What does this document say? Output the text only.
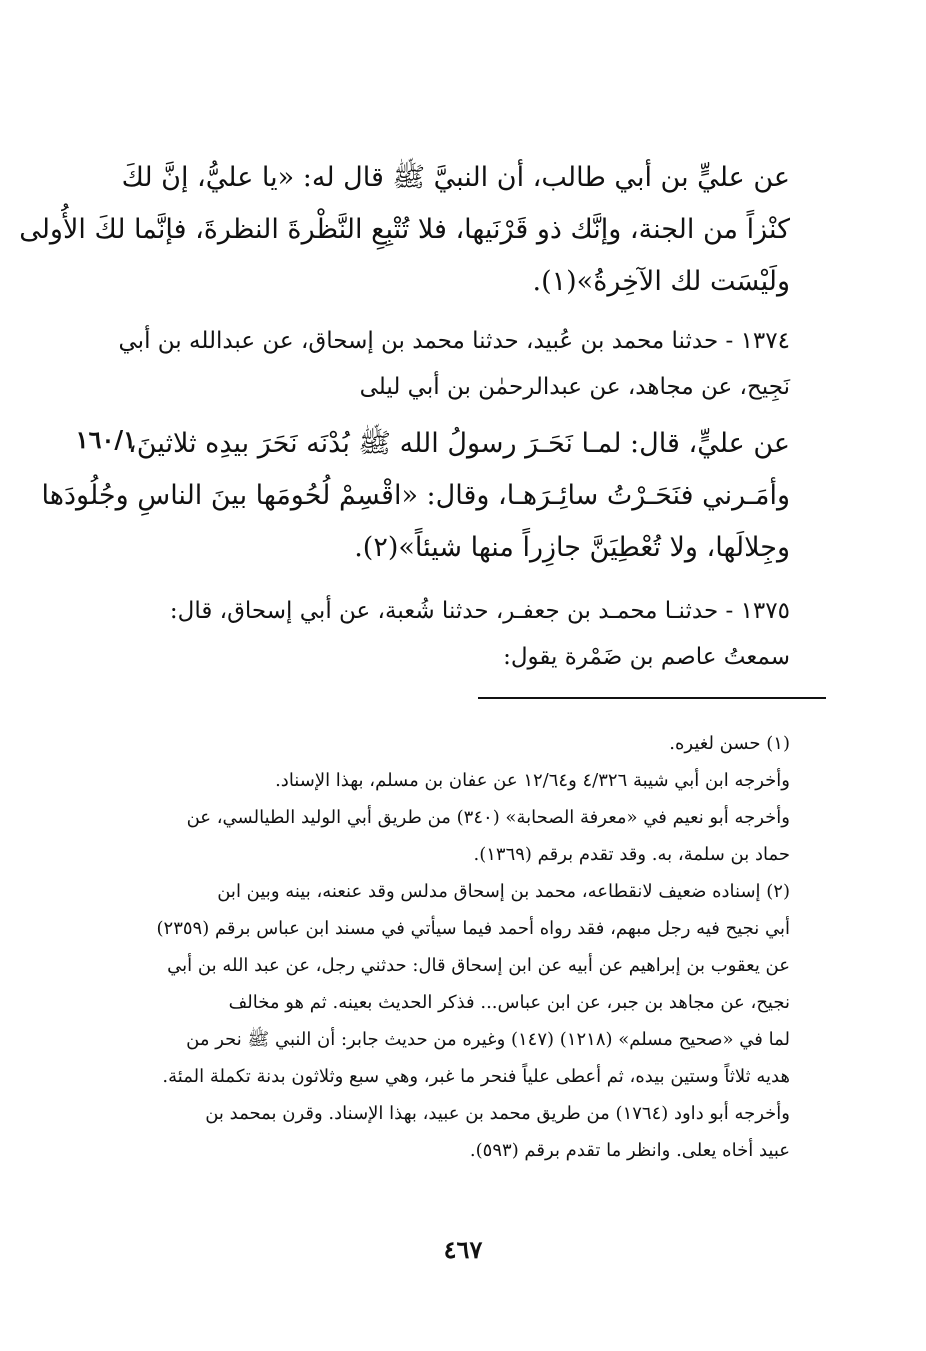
عن عليٍّ بن أبي طالب، أن النبيَّ ﷺ قال له: «يا عليُّ، إنَّ لكَ
كنْزاً من الجنة، وإنَّك ذو قَرْنَيها، فلا تُتْبِعِ النَّظْرةَ النظرةَ، فإنَّما لكَ الأُولى
ولَيْسَت لك الآخِرةُ»(١).
١٣٧٤ - حدثنا محمد بن عُبيد، حدثنا محمد بن إسحاق، عن عبدالله بن أبي
نَجِيح، عن مجاهد، عن عبدالرحمٰن بن أبي ليلى
١٦٠/١
عن عليٍّ، قال: لمـا نَحَـرَ رسولُ الله ﷺ بُدْنَه نَحَرَ بيدِه ثلاثينَ،
وأمَـرني فنَحَـرْتُ سائِـرَهـا، وقال: «اقْسِمْ لُحُومَها بينَ الناسِ وجُلُودَها
وجِلالَها، ولا تُعْطِيَنَّ جازِراً منها شيئاً»(٢).
١٣٧٥ - حدثنـا محمـد بن جعفـر، حدثنا شُعبة، عن أبي إسحاق، قال:
سمعتُ عاصم بن ضَمْرة يقول:
(١) حسن لغيره.
وأخرجه ابن أبي شيبة ٤/٣٢٦ و١٢/٦٤ عن عفان بن مسلم، بهذا الإسناد.
وأخرجه أبو نعيم في «معرفة الصحابة» (٣٤٠) من طريق أبي الوليد الطيالسي، عن
حماد بن سلمة، به. وقد تقدم برقم (١٣٦٩).
(٢) إسناده ضعيف لانقطاعه، محمد بن إسحاق مدلس وقد عنعنه، بينه وبين ابن
أبي نجيح فيه رجل مبهم، فقد رواه أحمد فيما سيأتي في مسند ابن عباس برقم (٢٣٥٩)
عن يعقوب بن إبراهيم عن أبيه عن ابن إسحاق قال: حدثني رجل، عن عبد الله بن أبي
نجيح، عن مجاهد بن جبر، عن ابن عباس... فذكر الحديث بعينه. ثم هو مخالف
لما في «صحيح مسلم» (١٢١٨) (١٤٧) وغيره من حديث جابر: أن النبي ﷺ نحر من
هديه ثلاثاً وستين بيده، ثم أعطى علياً فنحر ما غبر، وهي سبع وثلاثون بدنة تكملة المئة.
وأخرجه أبو داود (١٧٦٤) من طريق محمد بن عبيد، بهذا الإسناد. وقرن بمحمد بن
عبيد أخاه يعلى. وانظر ما تقدم برقم (٥٩٣).
٤٦٧
